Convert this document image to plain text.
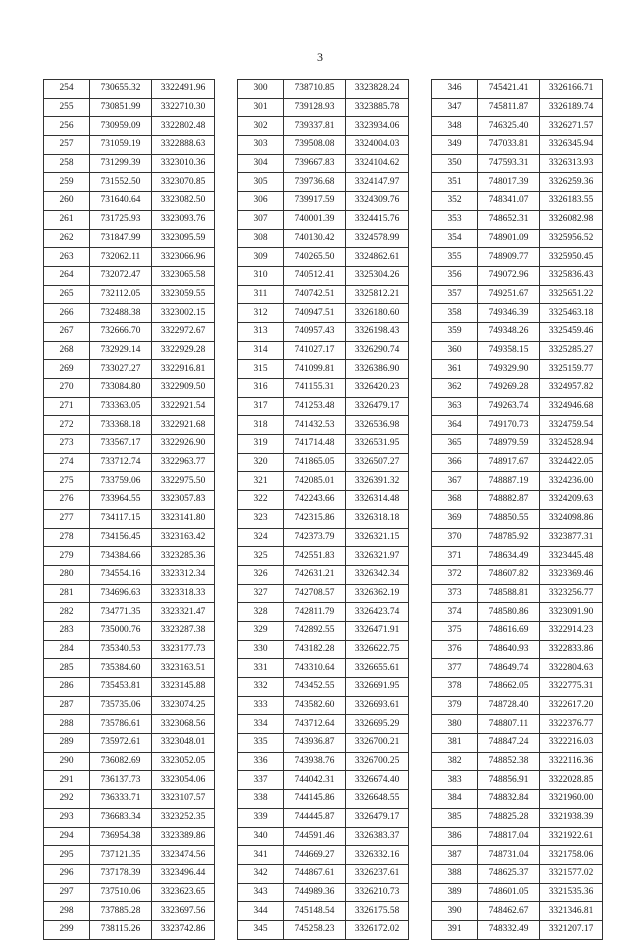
3
254	730655.32	3322491.96
255	730851.99	3322710.30
256	730959.09	3322802.48
257	731059.19	3322888.63
258	731299.39	3323010.36
259	731552.50	3323070.85
260	731640.64	3323082.50
261	731725.93	3323093.76
262	731847.99	3323095.59
263	732062.11	3323066.96
264	732072.47	3323065.58
265	732112.05	3323059.55
266	732488.38	3323002.15
267	732666.70	3322972.67
268	732929.14	3322929.28
269	733027.27	3322916.81
270	733084.80	3322909.50
271	733363.05	3322921.54
272	733368.18	3322921.68
273	733567.17	3322926.90
274	733712.74	3322963.77
275	733759.06	3322975.50
276	733964.55	3323057.83
277	734117.15	3323141.80
278	734156.45	3323163.42
279	734384.66	3323285.36
280	734554.16	3323312.34
281	734696.63	3323318.33
282	734771.35	3323321.47
283	735000.76	3323287.38
284	735340.53	3323177.73
285	735384.60	3323163.51
286	735453.81	3323145.88
287	735735.06	3323074.25
288	735786.61	3323068.56
289	735972.61	3323048.01
290	736082.69	3323052.05
291	736137.73	3323054.06
292	736333.71	3323107.57
293	736683.34	3323252.35
294	736954.38	3323389.86
295	737121.35	3323474.56
296	737178.39	3323496.44
297	737510.06	3323623.65
298	737885.28	3323697.56
299	738115.26	3323742.86
300	738710.85	3323828.24
301	739128.93	3323885.78
302	739337.81	3323934.06
303	739508.08	3324004.03
304	739667.83	3324104.62
305	739736.68	3324147.97
306	739917.59	3324309.76
307	740001.39	3324415.76
308	740130.42	3324578.99
309	740265.50	3324862.61
310	740512.41	3325304.26
311	740742.51	3325812.21
312	740947.51	3326180.60
313	740957.43	3326198.43
314	741027.17	3326290.74
315	741099.81	3326386.90
316	741155.31	3326420.23
317	741253.48	3326479.17
318	741432.53	3326536.98
319	741714.48	3326531.95
320	741865.05	3326507.27
321	742085.01	3326391.32
322	742243.66	3326314.48
323	742315.86	3326318.18
324	742373.79	3326321.15
325	742551.83	3326321.97
326	742631.21	3326342.34
327	742708.57	3326362.19
328	742811.79	3326423.74
329	742892.55	3326471.91
330	743182.28	3326622.75
331	743310.64	3326655.61
332	743452.55	3326691.95
333	743582.60	3326693.61
334	743712.64	3326695.29
335	743936.87	3326700.21
336	743938.76	3326700.25
337	744042.31	3326674.40
338	744145.86	3326648.55
339	744445.87	3326479.17
340	744591.46	3326383.37
341	744669.27	3326332.16
342	744867.61	3326237.61
343	744989.36	3326210.73
344	745148.54	3326175.58
345	745258.23	3326172.02
346	745421.41	3326166.71
347	745811.87	3326189.74
348	746325.40	3326271.57
349	747033.81	3326345.94
350	747593.31	3326313.93
351	748017.39	3326259.36
352	748341.07	3326183.55
353	748652.31	3326082.98
354	748901.09	3325956.52
355	748909.77	3325950.45
356	749072.96	3325836.43
357	749251.67	3325651.22
358	749346.39	3325463.18
359	749348.26	3325459.46
360	749358.15	3325285.27
361	749329.90	3325159.77
362	749269.28	3324957.82
363	749263.74	3324946.68
364	749170.73	3324759.54
365	748979.59	3324528.94
366	748917.67	3324422.05
367	748887.19	3324236.00
368	748882.87	3324209.63
369	748850.55	3324098.86
370	748785.92	3323877.31
371	748634.49	3323445.48
372	748607.82	3323369.46
373	748588.81	3323256.77
374	748580.86	3323091.90
375	748616.69	3322914.23
376	748640.93	3322833.86
377	748649.74	3322804.63
378	748662.05	3322775.31
379	748728.40	3322617.20
380	748807.11	3322376.77
381	748847.24	3322216.03
382	748852.38	3322116.36
383	748856.91	3322028.85
384	748832.84	3321960.00
385	748825.28	3321938.39
386	748817.04	3321922.61
387	748731.04	3321758.06
388	748625.37	3321577.02
389	748601.05	3321535.36
390	748462.67	3321346.81
391	748332.49	3321207.17
